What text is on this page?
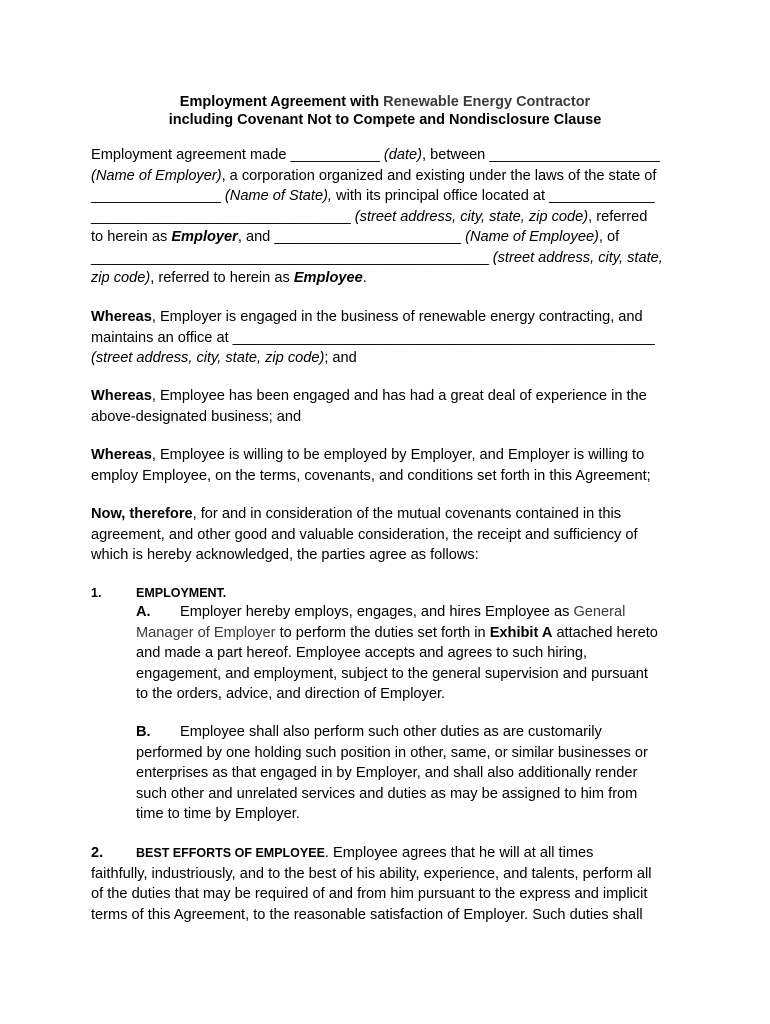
Employment Agreement with Renewable Energy Contractor
including Covenant Not to Compete and Nondisclosure Clause
Employment agreement made ___________ (date), between _____________________
(Name of Employer), a corporation organized and existing under the laws of the state of
________________ (Name of State), with its principal office located at _____________
________________________________ (street address, city, state, zip code), referred
to herein as Employer, and _______________________ (Name of Employee), of
_________________________________________________ (street address, city, state,
zip code), referred to herein as Employee.
Whereas, Employer is engaged in the business of renewable energy contracting, and
maintains an office at ____________________________________________________
(street address, city, state, zip code); and
Whereas, Employee has been engaged and has had a great deal of experience in the
above-designated business; and
Whereas, Employee is willing to be employed by Employer, and Employer is willing to
employ Employee, on the terms, covenants, and conditions set forth in this Agreement;
Now, therefore, for and in consideration of the mutual covenants contained in this
agreement, and other good and valuable consideration, the receipt and sufficiency of
which is hereby acknowledged, the parties agree as follows:
1.	EMPLOYMENT.
A. Employer hereby employs, engages, and hires Employee as General
Manager of Employer to perform the duties set forth in Exhibit A attached hereto
and made a part hereof. Employee accepts and agrees to such hiring,
engagement, and employment, subject to the general supervision and pursuant
to the orders, advice, and direction of Employer.
B. Employee shall also perform such other duties as are customarily
performed by one holding such position in other, same, or similar businesses or
enterprises as that engaged in by Employer, and shall also additionally render
such other and unrelated services and duties as may be assigned to him from
time to time by Employer.
2.	BEST EFFORTS OF EMPLOYEE. Employee agrees that he will at all times
faithfully, industriously, and to the best of his ability, experience, and talents, perform all
of the duties that may be required of and from him pursuant to the express and implicit
terms of this Agreement, to the reasonable satisfaction of Employer. Such duties shall
